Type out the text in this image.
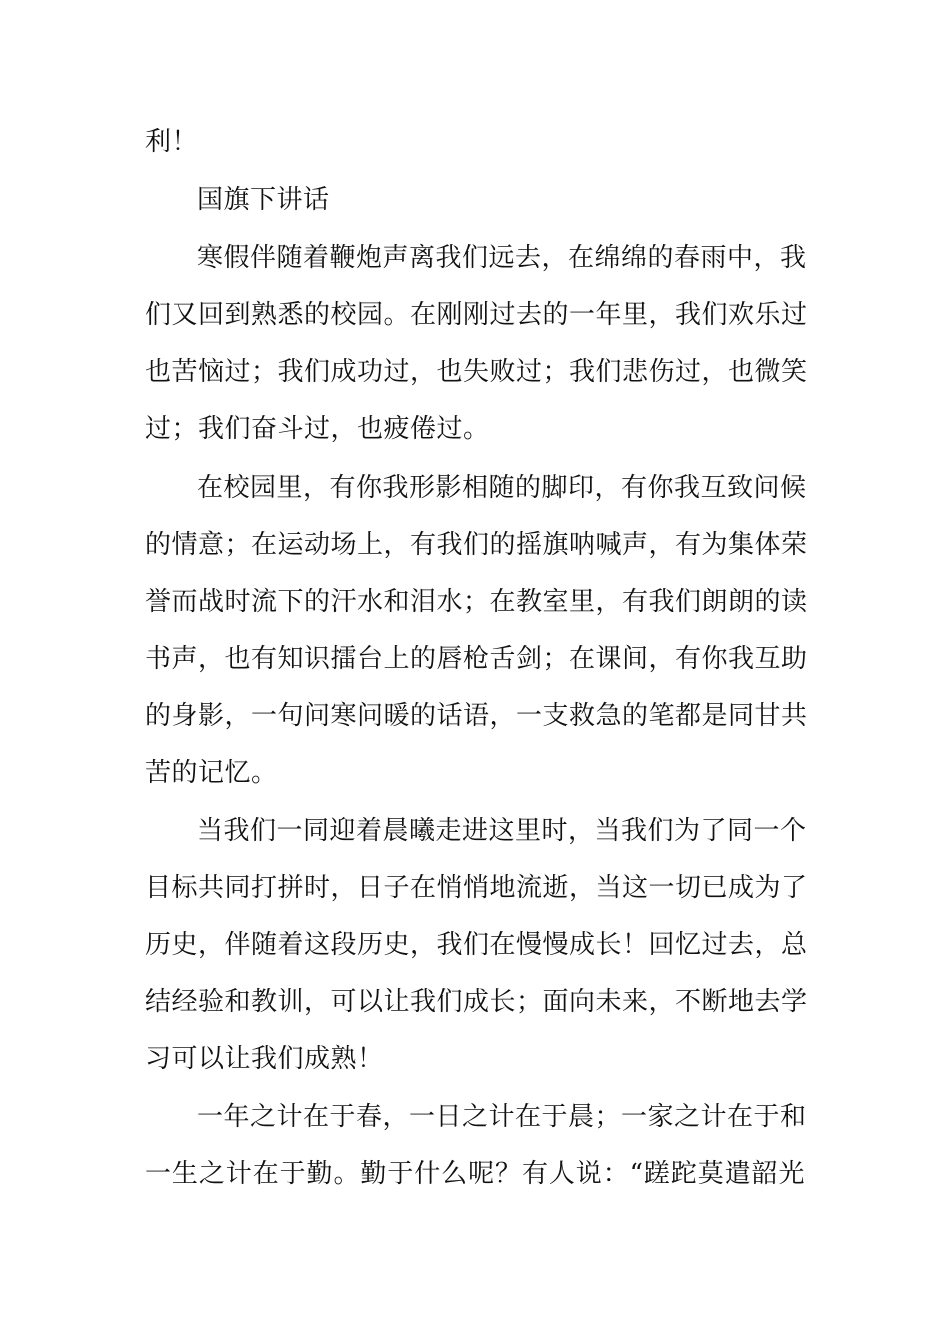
利！
国旗下讲话
寒假伴随着鞭炮声离我们远去，在绵绵的春雨中，我
们又回到熟悉的校园。在刚刚过去的一年里，我们欢乐过
也苦恼过；我们成功过，也失败过；我们悲伤过，也微笑
过；我们奋斗过，也疲倦过。
在校园里，有你我形影相随的脚印，有你我互致问候
的情意；在运动场上，有我们的摇旗呐喊声，有为集体荣
誉而战时流下的汗水和泪水；在教室里，有我们朗朗的读
书声，也有知识擂台上的唇枪舌剑；在课间，有你我互助
的身影，一句问寒问暖的话语，一支救急的笔都是同甘共
苦的记忆。
当我们一同迎着晨曦走进这里时，当我们为了同一个
目标共同打拼时，日子在悄悄地流逝，当这一切已成为了
历史，伴随着这段历史，我们在慢慢成长！回忆过去，总
结经验和教训，可以让我们成长；面向未来，不断地去学
习可以让我们成熟！
一年之计在于春，一日之计在于晨；一家之计在于和
一生之计在于勤。勤于什么呢？有人说：“蹉跎莫遣韶光
